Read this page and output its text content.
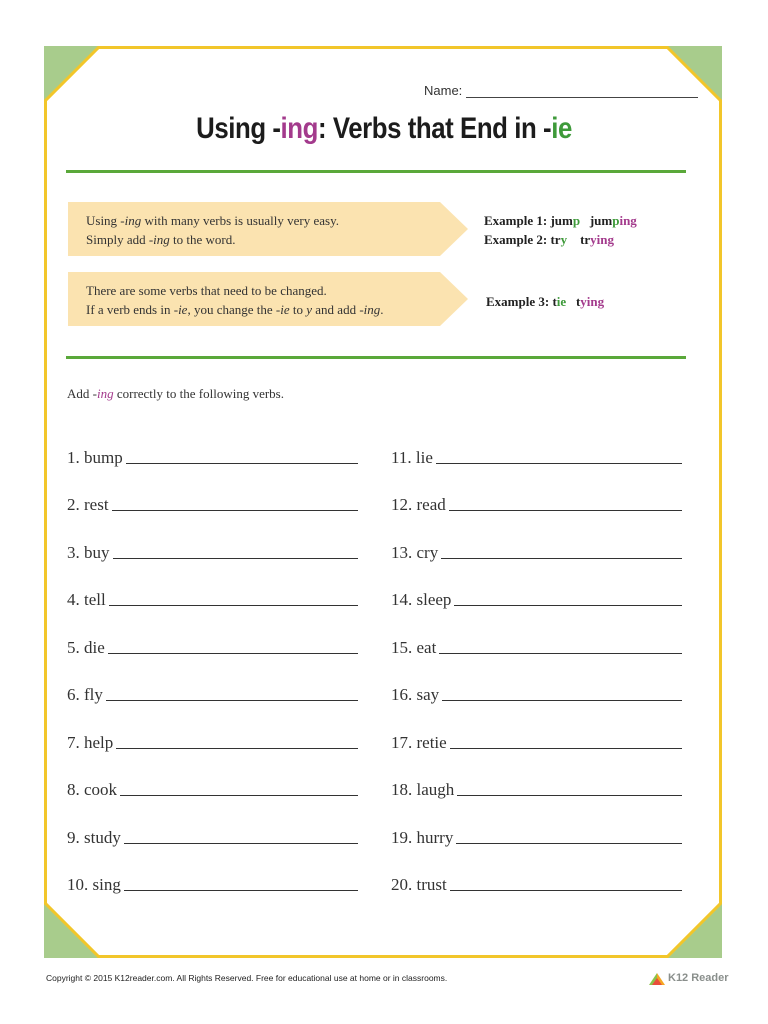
Name:
Using -ing: Verbs that End in -ie
Using -ing with many verbs is usually very easy.
Simply add -ing to the word.
There are some verbs that need to be changed.
If a verb ends in -ie, you change the -ie to y and add -ing.
Example 1: jump jumping
Example 2: try trying
Example 3: tie tying
Add -ing correctly to the following verbs.
1. bump
2. rest
3. buy
4. tell
5. die
6. fly
7. help
8. cook
9. study
10. sing
11. lie
12. read
13. cry
14. sleep
15. eat
16. say
17. retie
18. laugh
19. hurry
20. trust
Copyright © 2015 K12reader.com. All Rights Reserved. Free for educational use at home or in classrooms.	K12 Reader
